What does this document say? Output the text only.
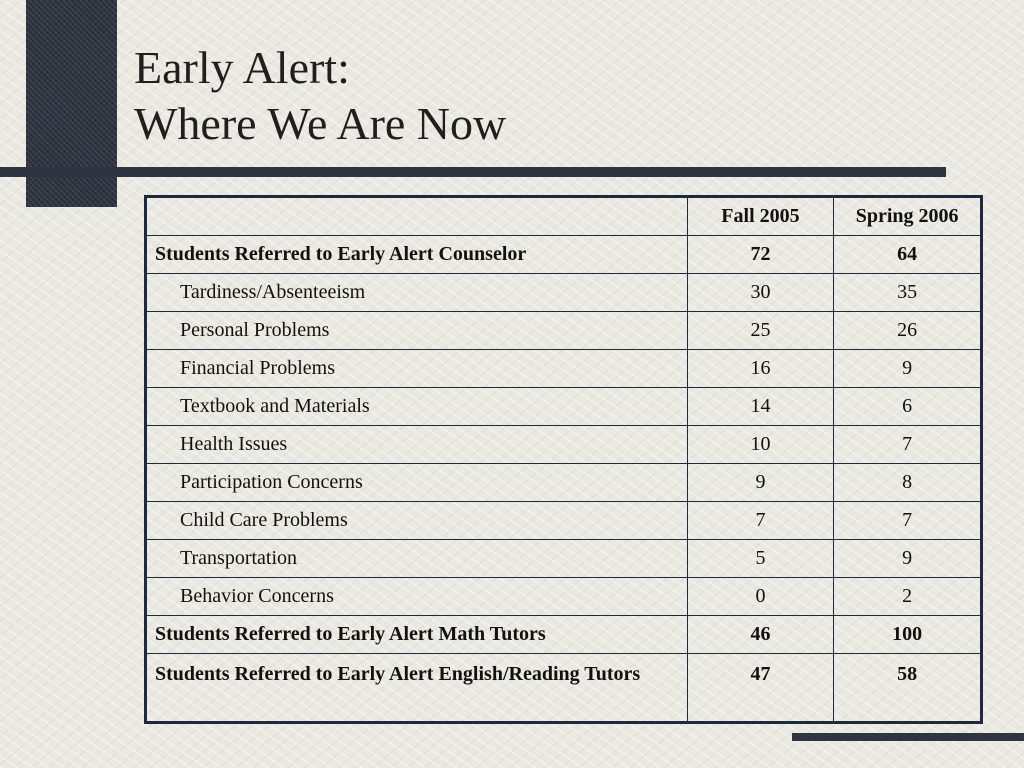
Early Alert:
Where We Are Now
	Fall 2005	Spring 2006
Students Referred to Early Alert Counselor	72	64
Tardiness/Absenteeism	30	35
Personal Problems	25	26
Financial Problems	16	9
Textbook and Materials	14	6
Health Issues	10	7
Participation Concerns	9	8
Child Care Problems	7	7
Transportation	5	9
Behavior Concerns	0	2
Students Referred to Early Alert Math Tutors	46	100
Students Referred to Early Alert English/Reading Tutors	47	58
